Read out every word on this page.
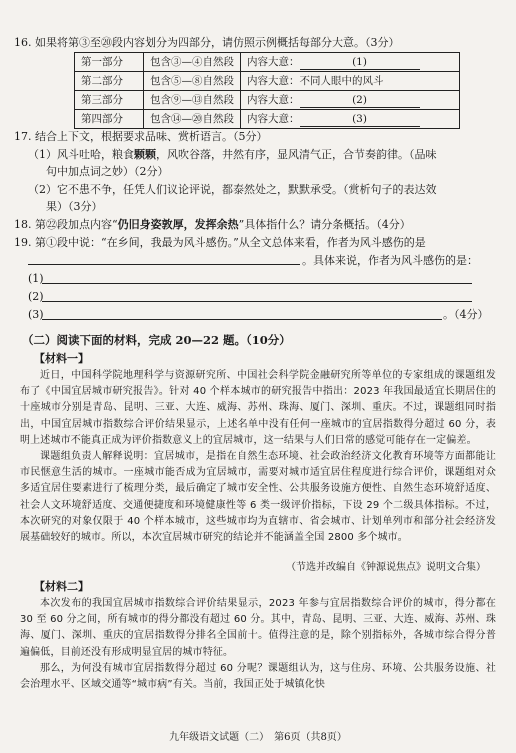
16. 如果将第③至⑳段内容划分为四部分，请仿照示例概括每部分大意。（3分）
第一部分	包含③—④自然段	内容大意： (1)
第二部分	包含⑤—⑧自然段	内容大意：不同人眼中的风斗
第三部分	包含⑨—⑬自然段	内容大意： (2)
第四部分	包含⑭—⑳自然段	内容大意： (3)
17. 结合上下文，根据要求品味、赏析语言。（5分）
（1）风斗吐哈，粮食颗颗，风吹谷落，井然有序，显风清气正，合节奏韵律。（品味
句中加点词之妙）（2分）
（2）它不患不争，任凭人们议论评说，都泰然处之，默默承受。（赏析句子的表达效
果）（3分）
18. 第㉒段加点内容“仍旧身姿敦厚，发挥余热”具体指什么？请分条概括。（4分）
19. 第①段中说：“在乡间，我最为风斗感伤。”从全文总体来看，作者为风斗感伤的是
。具体来说，作者为风斗感伤的是：
(1)
(2)
(3)	。（4分）
（二）阅读下面的材料，完成 20—22 题。（10分）
【材料一】

近日，中国科学院地理科学与资源研究所、中国社会科学院金融研究所等单位的专家组成的课题组发布了《中国宜居城市研究报告》。针对 40 个样本城市的研究报告中指出：2023 年我国最适宜长期居住的十座城市分别是青岛、昆明、三亚、大连、威海、苏州、珠海、厦门、深圳、重庆。不过，课题组同时指出，中国宜居城市指数综合评价结果显示，上述名单中没有任何一座城市的宜居指数得分超过 60 分，表明上述城市不能真正成为评价指数意义上的宜居城市，这一结果与人们日常的感觉可能存在一定偏差。

课题组负责人解释说明：宜居城市，是指在自然生态环境、社会政治经济文化教育环境等方面都能让市民惬意生活的城市。一座城市能否成为宜居城市，需要对城市适宜居住程度进行综合评价，课题组对众多适宜居住要素进行了梳理分类，最后确定了城市安全性、公共服务设施方便性、自然生态环境舒适度、社会人文环境舒适度、交通便捷度和环境健康性等 6 类一级评价指标，下设 29 个二级具体指标。不过，本次研究的对象仅限于 40 个样本城市，这些城市均为直辖市、省会城市、计划单列市和部分社会经济发展基础较好的城市。所以，本次宜居城市研究的结论并不能涵盖全国 2800 多个城市。

（节选并改编自《钟源说焦点》说明文合集）
【材料二】

本次发布的我国宜居城市指数综合评价结果显示，2023 年参与宜居指数综合评价的城市，得分都在 30 至 60 分之间，所有城市的得分都没有超过 60 分。其中，青岛、昆明、三亚、大连、威海、苏州、珠海、厦门、深圳、重庆的宜居指数得分排名全国前十。值得注意的是，除个别指标外，各城市综合得分普遍偏低，目前还没有形成明显宜居的城市特征。

那么，为何没有城市宜居指数得分超过 60 分呢？课题组认为，这与住房、环境、公共服务设施、社会治理水平、区域交通等“城市病”有关。当前，我国正处于城镇化快

九年级语文试题（二）　第6页（共8页）
